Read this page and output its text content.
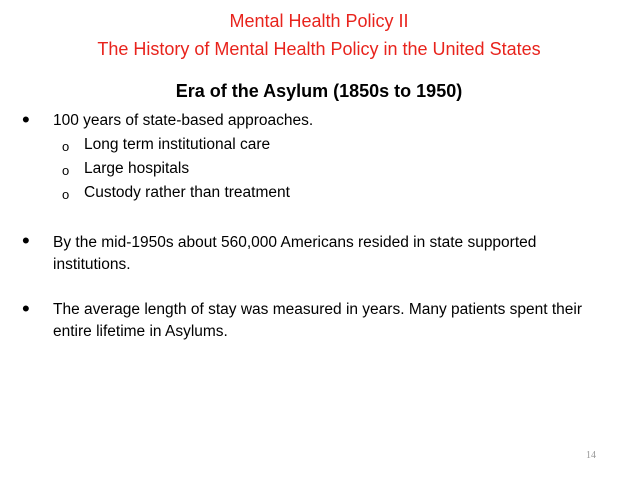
Mental Health Policy II
The History of Mental Health Policy in the United States
Era of the Asylum (1850s to 1950)
• 100 years of state-based approaches.
o Long term institutional care
o Large hospitals
o Custody rather than treatment
• By the mid-1950s about 560,000 Americans resided in state supported institutions.
• The average length of stay was measured in years. Many patients spent their entire lifetime in Asylums.
14
